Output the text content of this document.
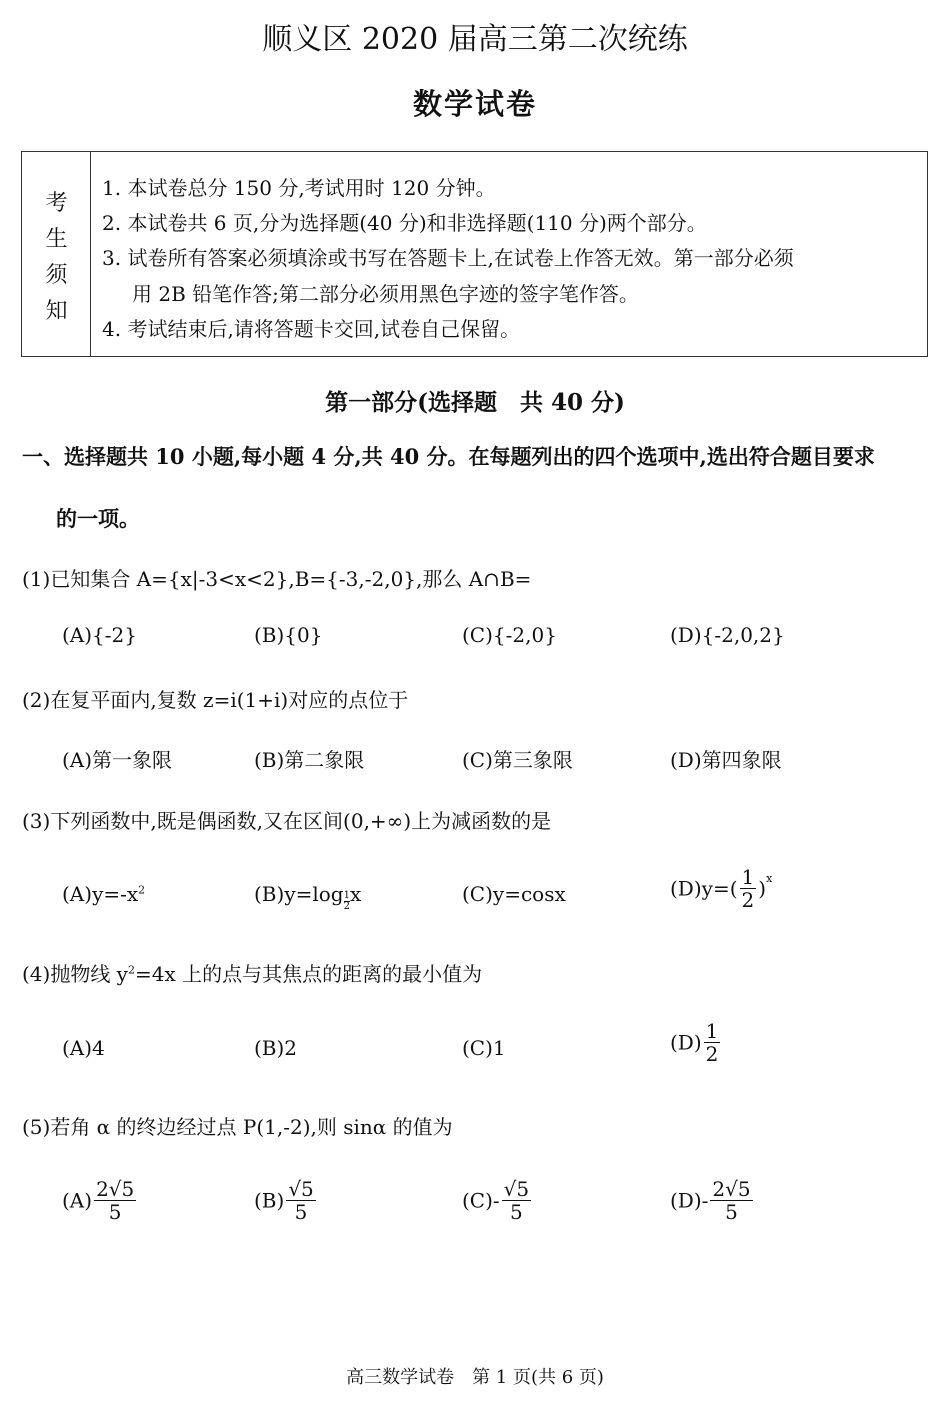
顺义区 2020 届高三第二次统练
数学试卷
考
生
须
知
1. 本试卷总分 150 分,考试用时 120 分钟。
2. 本试卷共 6 页,分为选择题(40 分)和非选择题(110 分)两个部分。
3. 试卷所有答案必须填涂或书写在答题卡上,在试卷上作答无效。第一部分必须
用 2B 铅笔作答;第二部分必须用黑色字迹的签字笔作答。
4. 考试结束后,请将答题卡交回,试卷自己保留。
第一部分(选择题　共 40 分)
一、选择题共 10 小题,每小题 4 分,共 40 分。在每题列出的四个选项中,选出符合题目要求
的一项。
(1)已知集合 A={x|-3<x<2},B={-3,-2,0},那么 A∩B=
(A){-2}	(B){0}	(C){-2,0}	(D){-2,0,2}
(2)在复平面内,复数 z=i(1+i)对应的点位于
(A)第一象限	(B)第二象限	(C)第三象限	(D)第四象限
(3)下列函数中,既是偶函数,又在区间(0,+∞)上为减函数的是
$(A)y=-x^2$	$(B)y=\log \frac{1}{2}$ x	(C)y=cosx	$(D)y=( \frac{1}{2} )^x$
(4)抛物线 $y^2=4x$ 上的点与其焦点的距离的最小值为
(A)4	(B)2	(C)1	$(D) \frac{1}{2}$
(5)若角 α 的终边经过点 P(1,-2),则 sinα 的值为
$(A) \frac{2√5}{5}$	$(B) \frac{√5}{5}$	$(C)- \frac{√5}{5}$	$(D)- \frac{2√5}{5}$
高三数学试卷　第 1 页(共 6 页)
